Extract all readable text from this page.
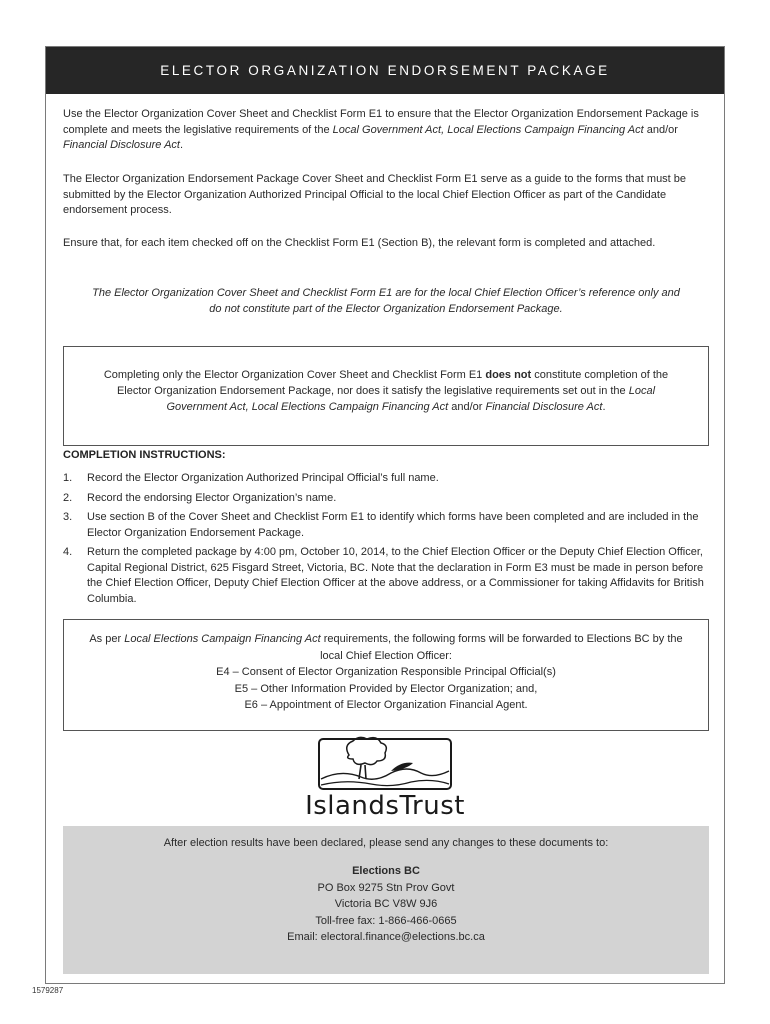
ELECTOR ORGANIZATION ENDORSEMENT PACKAGE
Use the Elector Organization Cover Sheet and Checklist Form E1 to ensure that the Elector Organization Endorsement Package is complete and meets the legislative requirements of the Local Government Act, Local Elections Campaign Financing Act and/or Financial Disclosure Act.
The Elector Organization Endorsement Package Cover Sheet and Checklist Form E1 serve as a guide to the forms that must be submitted by the Elector Organization Authorized Principal Official to the local Chief Election Officer as part of the Candidate endorsement process.
Ensure that, for each item checked off on the Checklist Form E1 (Section B), the relevant form is completed and attached.
The Elector Organization Cover Sheet and Checklist Form E1 are for the local Chief Election Officer’s reference only and do not constitute part of the Elector Organization Endorsement Package.
Completing only the Elector Organization Cover Sheet and Checklist Form E1 does not constitute completion of the Elector Organization Endorsement Package, nor does it satisfy the legislative requirements set out in the Local Government Act, Local Elections Campaign Financing Act and/or Financial Disclosure Act.
COMPLETION INSTRUCTIONS:
1. Record the Elector Organization Authorized Principal Official’s full name.
2. Record the endorsing Elector Organization’s name.
3. Use section B of the Cover Sheet and Checklist Form E1 to identify which forms have been completed and are included in the Elector Organization Endorsement Package.
4. Return the completed package by 4:00 pm, October 10, 2014, to the Chief Election Officer or the Deputy Chief Election Officer, Capital Regional District, 625 Fisgard Street, Victoria, BC. Note that the declaration in Form E3 must be made in person before the Chief Election Officer, Deputy Chief Election Officer at the above address, or a Commissioner for taking Affidavits for British Columbia.
As per Local Elections Campaign Financing Act requirements, the following forms will be forwarded to Elections BC by the local Chief Election Officer:
E4 – Consent of Elector Organization Responsible Principal Official(s)
E5 – Other Information Provided by Elector Organization; and,
E6 – Appointment of Elector Organization Financial Agent.
IslandsTrust
After election results have been declared, please send any changes to these documents to:
Elections BC
PO Box 9275 Stn Prov Govt
Victoria BC V8W 9J6
Toll-free fax: 1-866-466-0665
Email: electoral.finance@elections.bc.ca
1579287
